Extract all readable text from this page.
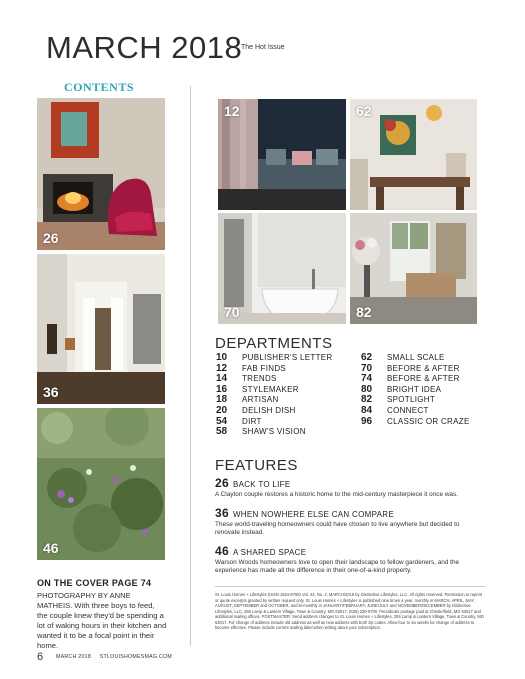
MARCH 2018
The Hot Issue
CONTENTS
26
36
46
12	62
70	82
DEPARTMENTS
10	PUBLISHER'S LETTER
12	FAB FINDS
14	TRENDS
16	STYLEMAKER
18	ARTISAN
20	DELISH DISH
54	DIRT
58	SHAW'S VISION
62	SMALL SCALE
70	BEFORE & AFTER
74	BEFORE & AFTER
80	BRIGHT IDEA
82	SPOTLIGHT
84	CONNECT
96	CLASSIC OR CRAZE
FEATURES
26 BACK TO LIFE
A Clayton couple restores a historic home to the mid-century masterpiece it once was.
36 WHEN NOWHERE ELSE CAN COMPARE
These world-traveling homeowners could have chosen to live anywhere but decided to renovate instead.
46 A SHARED SPACE
Warson Woods homeowners love to open their landscape to fellow gardeners, and the experience has made all the difference in their one-of-a-kind property.
ON THE COVER PAGE 74
PHOTOGRAPHY BY ANNE MATHEIS. With three boys to feed, the couple knew they'd be spending a lot of waking hours in their kitchen and wanted it to be a focal point in their home.
St. Louis Homes + Lifestyles (ISSN 1524-8755) Vol. 23, No. 2, MARCH/2018 by Distinctive Lifestyles, LLC. All rights reserved. Permission to reprint or quote excerpts granted by written request only. St. Louis Homes + Lifestyles is published nine times a year, monthly in MARCH, APRIL, MAY, AUGUST, SEPTEMBER and OCTOBER, and bi-monthly in JANUARY/FEBRUARY, JUNE/JULY and NOVEMBER/DECEMBER by Distinctive Lifestyles, LLC, 255 Lamp & Lantern Village, Town & Country, MO 63017, (636) 230-9700. Periodicals postage paid at Chesterfield, MO 63017 and additional mailing offices. POSTMASTER: Send address changes to St. Louis Homes + Lifestyles, 255 Lamp & Lantern Village, Town & Country, MO 63017. For change of address include old address as well as new address with both zip codes. Allow four to six weeks for change of address to become effective. Please include current mailing label when writing about your subscription.
6 MARCH 2018     STLOUISHOMESMAG.COM
